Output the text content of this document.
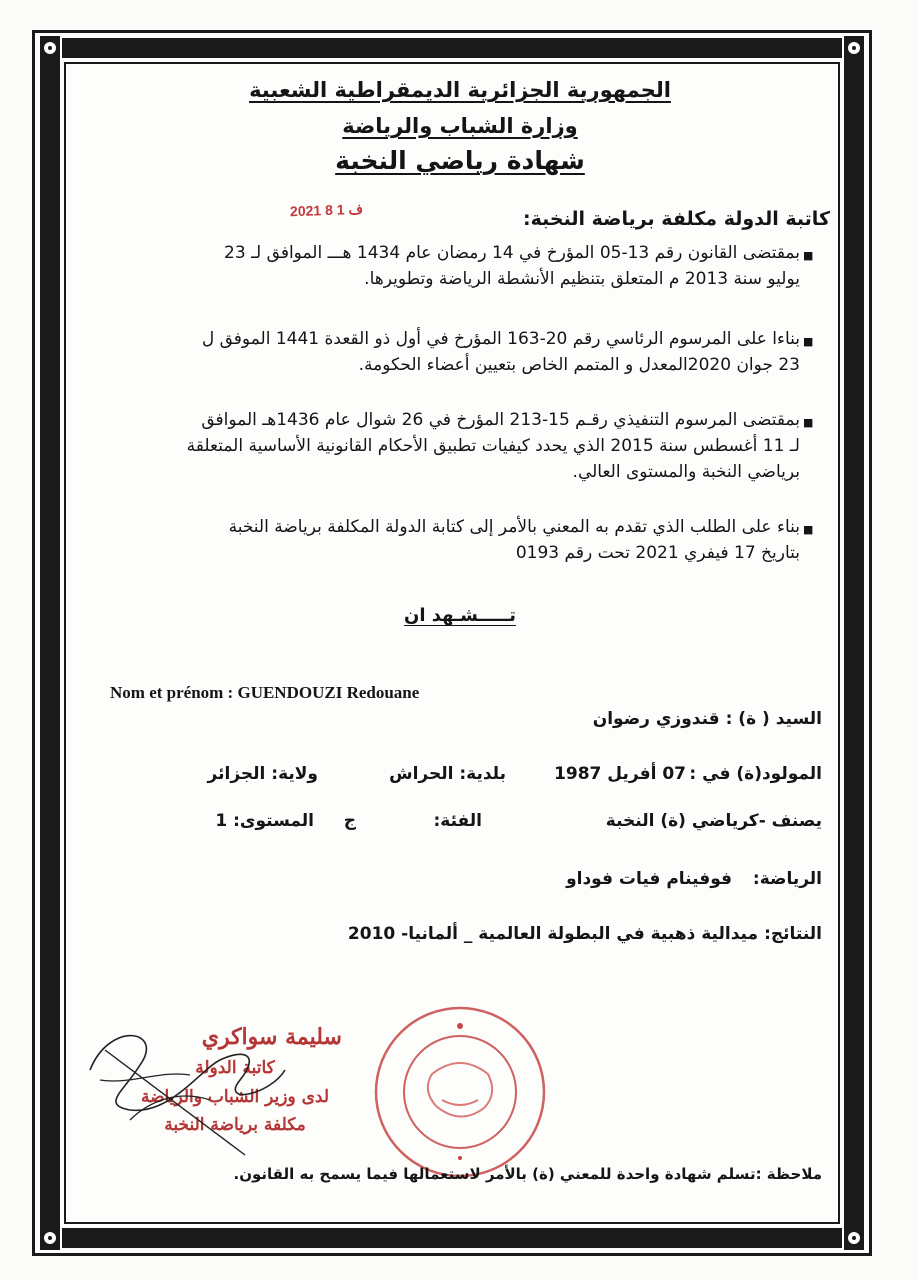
الجمهورية الجزائرية الديمقراطية الشعبية
وزارة الشباب والرياضة
شهادة رياضي النخبة
2021 ف 1 8	كاتبة الدولة مكلفة برياضة النخبة:
■
بمقتضى القانون رقم 13-05 المؤرخ في 14 رمضان عام 1434 هـــ الموافق لـ 23
يوليو سنة 2013 م المتعلق بتنظيم الأنشطة الرياضة وتطويرها.
■
بناءا على المرسوم الرئاسي رقم 20-163 المؤرخ في أول ذو القعدة 1441 الموفق ل
23 جوان 2020المعدل و المتمم الخاص بتعيين أعضاء الحكومة.
■
بمقتضى المرسوم التنفيذي رقـم 15-213 المؤرخ في 26 شوال عام 1436هـ الموافق
لـ 11 أغسطس سنة 2015 الذي يحدد كيفيات تطبيق الأحكام القانونية الأساسية المتعلقة
برياضي النخبة والمستوى العالي.
■
بناء على الطلب الذي تقدم به المعني بالأمر إلى كتابة الدولة المكلفة برياضة النخبة
بتاريخ 17 فيفري 2021 تحت رقم 0193
تـــــشـهد ان
Nom et prénom : GUENDOUZI Redouane
السيد ( ة) : قندوزي رضوان
المولود(ة) في :
07 أفريل 1987
بلدية: الحراش
ولاية: الجزائر
يصنف -كرياضي (ة) النخبة
الفئة:
ج
المستوى: 1
الرياضة:
فوفينام فيات فوداو
النتائج:
ميدالية ذهبية في البطولة العالمية _ ألمانيا- 2010
سليمة سواكري
كاتبة الدولة
لدى وزير الشباب والرياضة
مكلفة برياضة النخبة
ملاحظة :تسلم شهادة واحدة للمعني (ة) بالأمر لاستعمالها فيما يسمح به القانون.
